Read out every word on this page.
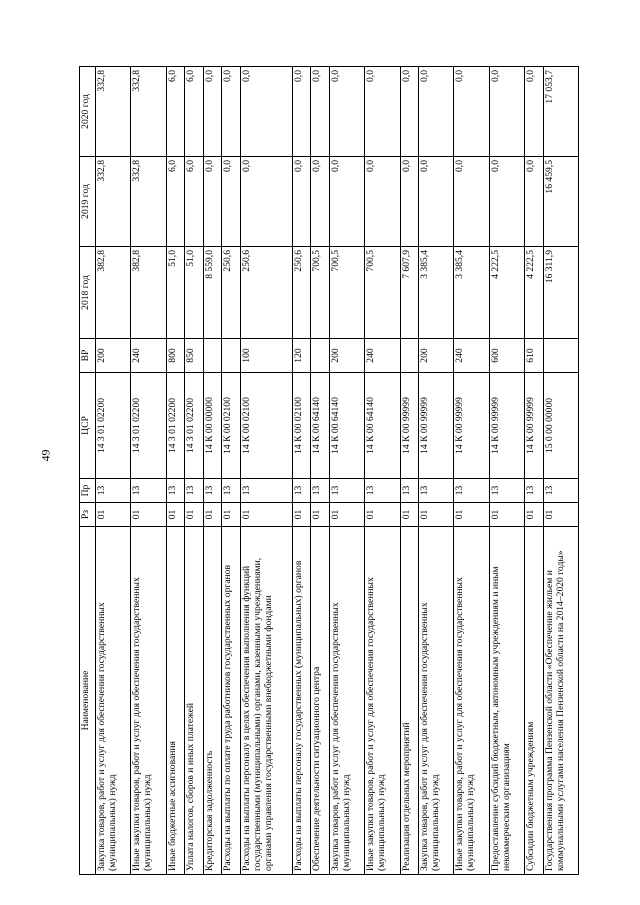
49
Наименование	Рз	Пр	ЦСР	ВР	2018 год	2019 год	2020 год
Закупка товаров, работ и услуг для обеспечения государственных (муниципальных) нужд	01	13	14 3 01 02200	200	382,8	332,8	332,8
Иные закупки товаров, работ и услуг для обеспечения государственных (муниципальных) нужд	01	13	14 3 01 02200	240	382,8	332,8	332,8
Иные бюджетные ассигнования	01	13	14 3 01 02200	800	51,0	6,0	6,0
Уплата налогов, сборов и иных платежей	01	13	14 3 01 02200	850	51,0	6,0	6,0
Кредиторская задолженность	01	13	14 К 00 00000		8 559,0	0,0	0,0
Расходы на выплаты по оплате труда работников государственных органов	01	13	14 К 00 02100		250,6	0,0	0,0
Расходы на выплаты персоналу в целях обеспечения выполнения функций государственными (муниципальными) органами, казенными учреждениями, органами управления государственными внебюджетными фондами	01	13	14 К 00 02100	100	250,6	0,0	0,0
Расходы на выплаты персоналу государственных (муниципальных) органов	01	13	14 К 00 02100	120	250,6	0,0	0,0
Обеспечение деятельности ситуационного центра	01	13	14 К 00 64140		700,5	0,0	0,0
Закупка товаров, работ и услуг для обеспечения государственных (муниципальных) нужд	01	13	14 К 00 64140	200	700,5	0,0	0,0
Иные закупки товаров, работ и услуг для обеспечения государственных (муниципальных) нужд	01	13	14 К 00 64140	240	700,5	0,0	0,0
Реализация отдельных мероприятий	01	13	14 К 00 99999		7 607,9	0,0	0,0
Закупка товаров, работ и услуг для обеспечения государственных (муниципальных) нужд	01	13	14 К 00 99999	200	3 385,4	0,0	0,0
Иные закупки товаров, работ и услуг для обеспечения государственных (муниципальных) нужд	01	13	14 К 00 99999	240	3 385,4	0,0	0,0
Предоставление субсидий бюджетным, автономным учреждениям и иным некоммерческим организациям	01	13	14 К 00 99999	600	4 222,5	0,0	0,0
Субсидии бюджетным учреждениям	01	13	14 К 00 99999	610	4 222,5	0,0	0,0
Государственная программа Пензенской области «Обеспечение жильем и коммунальными услугами населения Пензенской области на 2014–2020 годы»	01	13	15 0 00 00000		16 311,9	16 459,5	17 053,7
